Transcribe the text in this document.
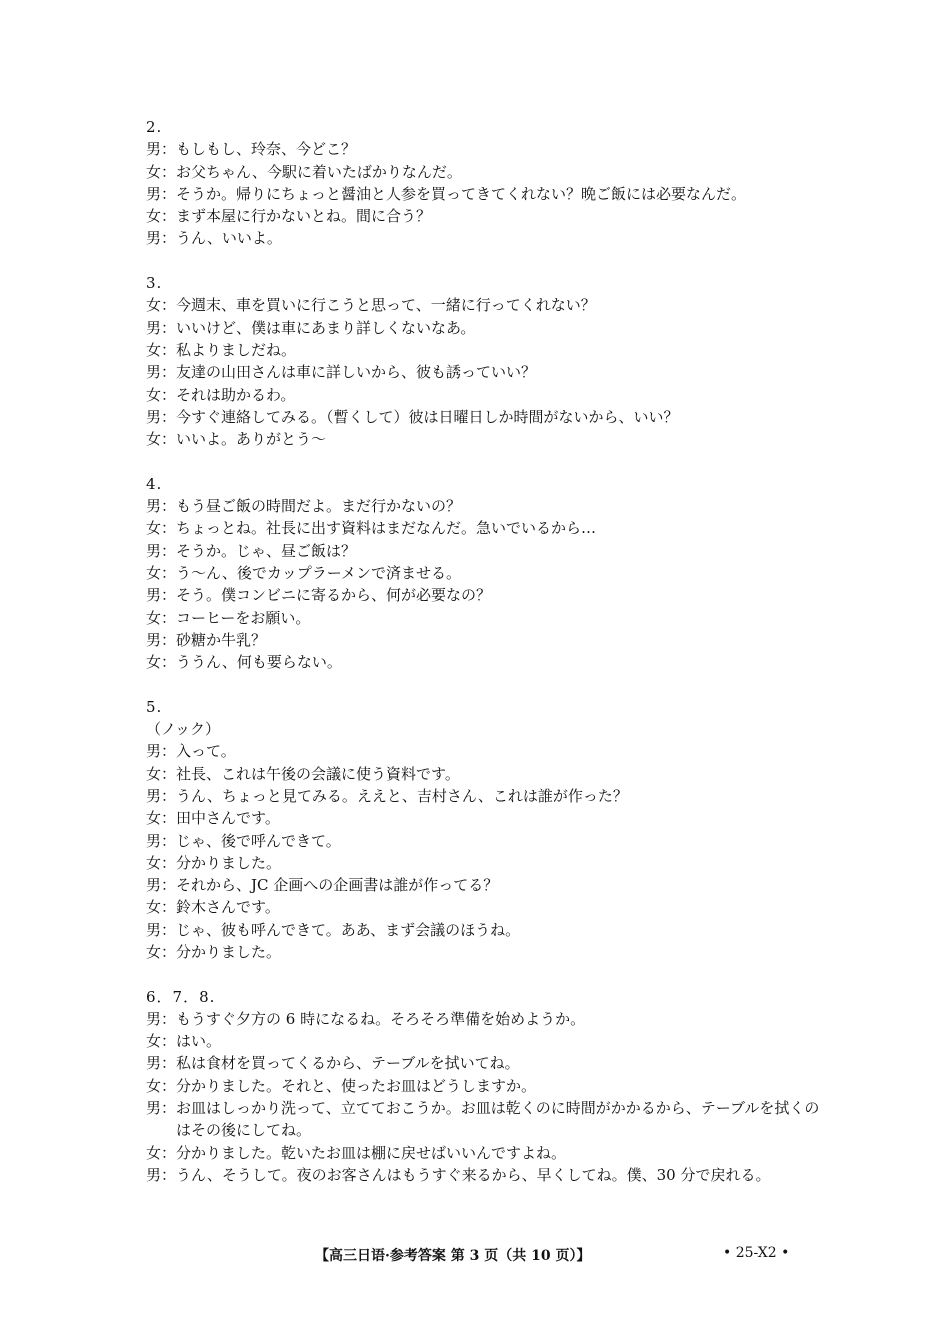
2.
男： もしもし、玲奈、今どこ？
女： お父ちゃん、今駅に着いたばかりなんだ。
男： そうか。帰りにちょっと醤油と人参を買ってきてくれない？晩ご飯には必要なんだ。
女： まず本屋に行かないとね。間に合う？
男： うん、いいよ。
3.
女： 今週末、車を買いに行こうと思って、一緒に行ってくれない？
男： いいけど、僕は車にあまり詳しくないなあ。
女： 私よりましだね。
男： 友達の山田さんは車に詳しいから、彼も誘っていい？
女： それは助かるわ。
男： 今すぐ連絡してみる。（暫くして）彼は日曜日しか時間がないから、いい？
女： いいよ。ありがとう～
4.
男： もう昼ご飯の時間だよ。まだ行かないの？
女： ちょっとね。社長に出す資料はまだなんだ。急いでいるから…
男： そうか。じゃ、昼ご飯は？
女： う～ん、後でカップラーメンで済ませる。
男： そう。僕コンビニに寄るから、何が必要なの？
女： コーヒーをお願い。
男： 砂糖か牛乳？
女： ううん、何も要らない。
5.
（ノック）
男： 入って。
女： 社長、これは午後の会議に使う資料です。
男： うん、ちょっと見てみる。ええと、吉村さん、これは誰が作った？
女： 田中さんです。
男： じゃ、後で呼んできて。
女： 分かりました。
男： それから、JC 企画への企画書は誰が作ってる？
女： 鈴木さんです。
男： じゃ、彼も呼んできて。ああ、まず会議のほうね。
女： 分かりました。
6．7．8.
男： もうすぐ夕方の 6 時になるね。そろそろ準備を始めようか。
女： はい。
男： 私は食材を買ってくるから、テーブルを拭いてね。
女： 分かりました。それと、使ったお皿はどうしますか。
男： お皿はしっかり洗って、立てておこうか。お皿は乾くのに時間がかかるから、テーブルを拭くのはその後にしてね。
女： 分かりました。乾いたお皿は棚に戻せばいいんですよね。
男： うん、そうして。夜のお客さんはもうすぐ来るから、早くしてね。僕、30 分で戻れる。
【高三日语·参考答案 第 3 页（共 10 页）】	• 25-X2 •
